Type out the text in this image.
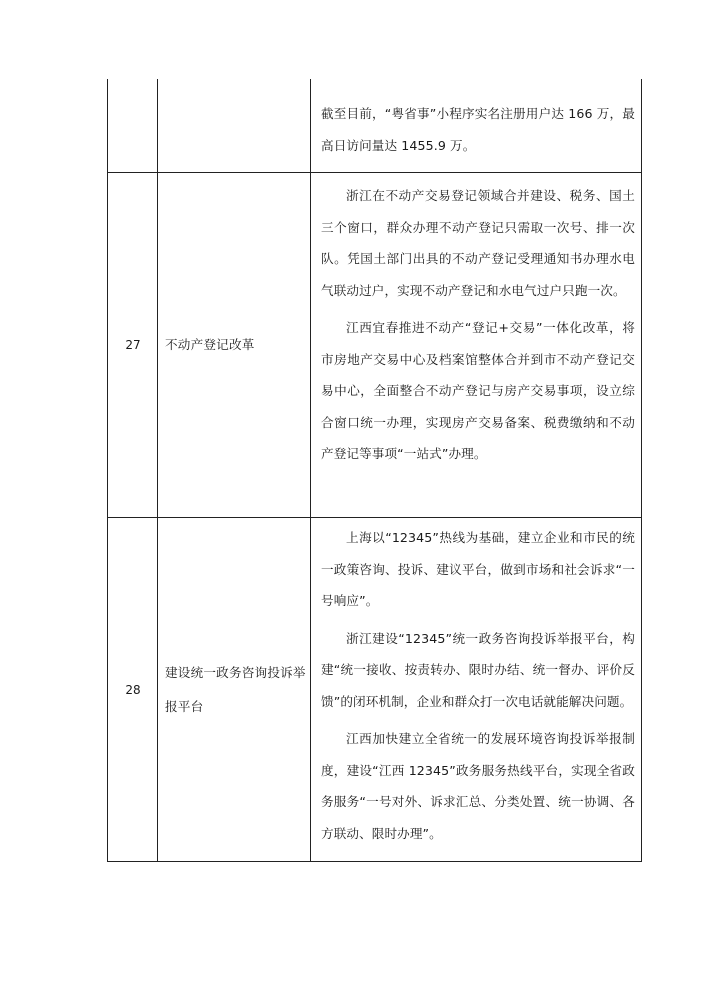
截至目前，“粤省事”小程序实名注册用户达 166 万，最高日访问量达 1455.9 万。

27	不动产登记改革

浙江在不动产交易登记领域合并建设、税务、国土三个窗口，群众办理不动产登记只需取一次号、排一次队。凭国土部门出具的不动产登记受理通知书办理水电气联动过户，实现不动产登记和水电气过户只跑一次。

江西宜春推进不动产“登记+交易”一体化改革，将市房地产交易中心及档案馆整体合并到市不动产登记交易中心，全面整合不动产登记与房产交易事项，设立综合窗口统一办理，实现房产交易备案、税费缴纳和不动产登记等事项“一站式”办理。

28
建设统一政务咨询投诉举报平台

上海以“12345”热线为基础，建立企业和市民的统一政策咨询、投诉、建议平台，做到市场和社会诉求“一号响应”。

浙江建设“12345”统一政务咨询投诉举报平台，构建“统一接收、按责转办、限时办结、统一督办、评价反馈”的闭环机制，企业和群众打一次电话就能解决问题。

江西加快建立全省统一的发展环境咨询投诉举报制度，建设“江西 12345”政务服务热线平台，实现全省政务服务“一号对外、诉求汇总、分类处置、统一协调、各方联动、限时办理”。
